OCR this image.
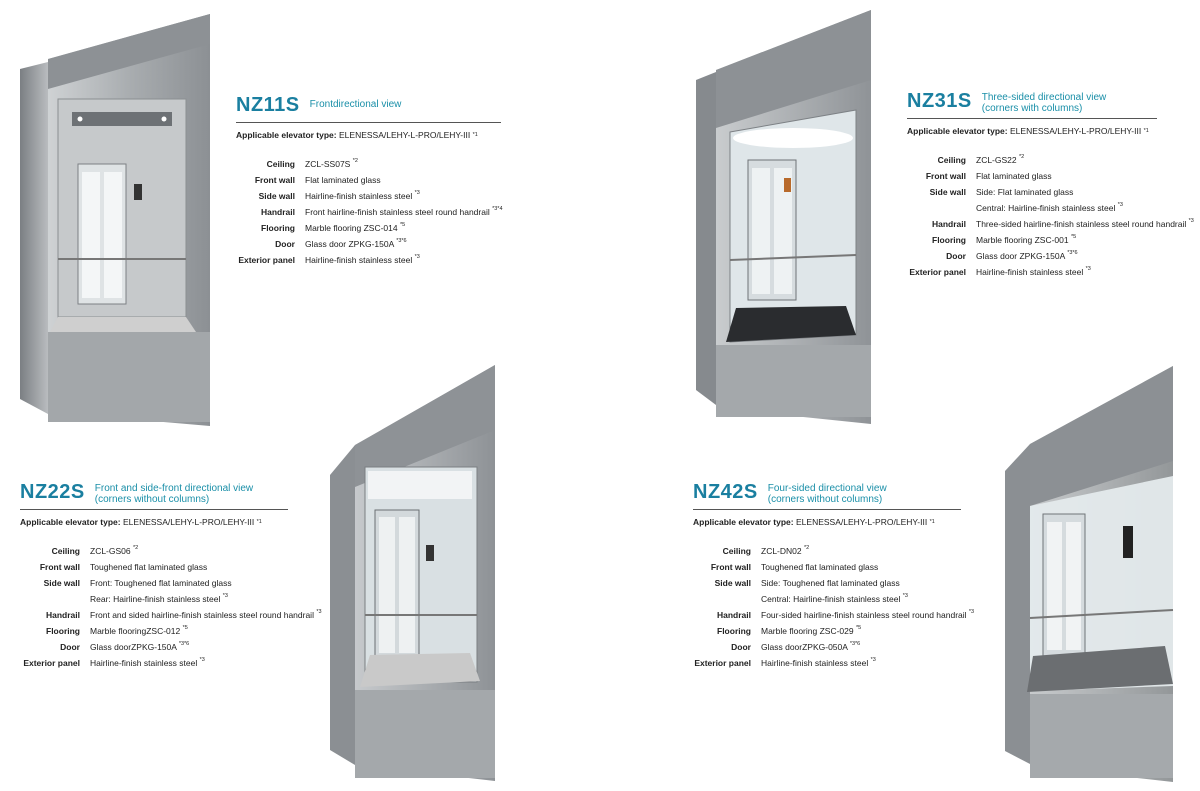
NZ11S Frontdirectional view
Applicable elevator type: ELENESSA/LEHY-L-PRO/LEHY-III $^{*1}$
Ceiling	ZCL-SS07S $^{*2}$
Front wall	Flat laminated glass
Side wall	Hairline-finish stainless steel $^{*3}$
Handrail	Front hairline-finish stainless steel round handrail $^{*3*4}$
Flooring	Marble flooring ZSC-014 $^{*5}$
Door	Glass door ZPKG-150A $^{*3*6}$
Exterior panel	Hairline-finish stainless steel $^{*3}$
NZ31S Three-sided directional view
(corners with columns)
Applicable elevator type: ELENESSA/LEHY-L-PRO/LEHY-III $^{*1}$
Ceiling	ZCL-GS22 $^{*2}$
Front wall	Flat laminated glass
Side wall	Side: Flat laminated glass
Central: Hairline-finish stainless steel $^{*3}$
Handrail	Three-sided hairline-finish stainless steel round handrail $^{*3}$
Flooring	Marble flooring ZSC-001 $^{*5}$
Door	Glass door ZPKG-150A $^{*3*6}$
Exterior panel	Hairline-finish stainless steel $^{*3}$
NZ22S Front and side-front directional view
(corners without columns)
Applicable elevator type: ELENESSA/LEHY-L-PRO/LEHY-III $^{*1}$
Ceiling	ZCL-GS06 $^{*2}$
Front wall	Toughened flat laminated glass
Side wall	Front: Toughened flat laminated glass
Rear: Hairline-finish stainless steel $^{*3}$
Handrail	Front and sided hairline-finish stainless steel round handrail $^{*3}$
Flooring	Marble flooringZSC-012 $^{*5}$
Door	Glass doorZPKG-150A $^{*3*6}$
Exterior panel	Hairline-finish stainless steel $^{*3}$
NZ42S Four-sided directional view
(corners without columns)
Applicable elevator type: ELENESSA/LEHY-L-PRO/LEHY-III $^{*1}$
Ceiling	ZCL-DN02 $^{*2}$
Front wall	Toughened flat laminated glass
Side wall	Side: Toughened flat laminated glass
Central: Hairline-finish stainless steel $^{*3}$
Handrail	Four-sided hairline-finish stainless steel round handrail $^{*3}$
Flooring	Marble flooring ZSC-029 $^{*5}$
Door	Glass doorZPKG-050A $^{*3*6}$
Exterior panel	Hairline-finish stainless steel $^{*3}$
